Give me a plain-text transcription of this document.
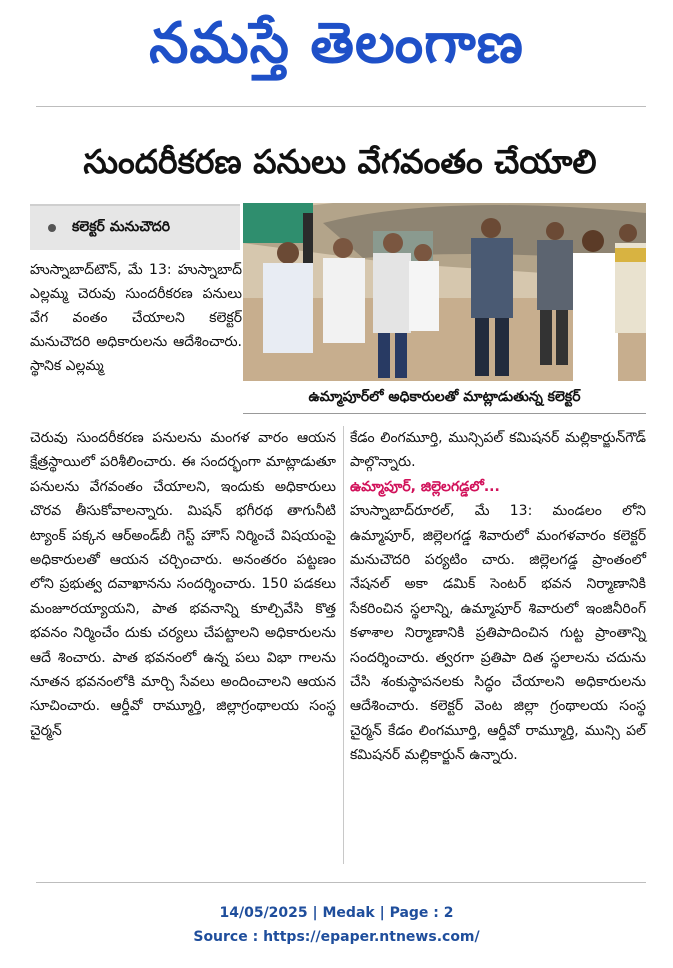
నమస్తే తెలంగాణ
సుందరీకరణ పనులు వేగవంతం చేయాలి
కలెక్టర్ మనుచౌదరి
ఉమ్మాపూర్‌లో అధికారులతో మాట్లాడుతున్న కలెక్టర్

హుస్నాబాద్‌టౌన్, మే 13: హుస్నాబాద్ ఎల్లమ్మ చెరువు సుందరీకరణ పనులు వేగ వంతం చేయాలని కలెక్టర్ మనుచౌదరి అధికారులను ఆదేశించారు. స్థానిక ఎల్లమ్మ

చెరువు సుందరీకరణ పనులను మంగళ వారం ఆయన క్షేత్రస్థాయిలో పరిశీలించారు. ఈ సందర్భంగా మాట్లాడుతూ పనులను వేగవంతం చేయాలని, ఇందుకు అధికారులు చొరవ తీసుకోవాలన్నారు. మిషన్ భగీరథ తాగునీటి ట్యాంక్ పక్కన ఆర్‌అండ్‌బీ గెస్ట్ హౌస్ నిర్మించే విషయంపై అధికారులతో ఆయన చర్చించారు. అనంతరం పట్టణం లోని ప్రభుత్వ దవాఖానను సందర్శించారు. 150 పడకలు మంజూరయ్యాయని, పాత భవనాన్ని కూల్చివేసి కొత్త భవనం నిర్మించేం దుకు చర్యలు చేపట్టాలని అధికారులను ఆదే శించారు. పాత భవనంలో ఉన్న పలు విభా గాలను నూతన భవనంలోకి మార్చి సేవలు అందించాలని ఆయన సూచించారు. ఆర్డీవో రామ్మూర్తి, జిల్లాగ్రంథాలయ సంస్థ చైర్మన్

కేడం లింగమూర్తి, మున్సిపల్ కమిషనర్ మల్లికార్జున్‌గౌడ్ పాల్గొన్నారు.

ఉమ్మాపూర్, జిల్లెలగడ్డలో...

హుస్నాబాద్‌రూరల్, మే 13: మండలం లోని ఉమ్మాపూర్, జిల్లెలగడ్డ శివారులో మంగళవారం కలెక్టర్ మనుచౌదరి పర్యటిం చారు. జిల్లెలగడ్డ ప్రాంతంలో నేషనల్ అకా డమిక్ సెంటర్ భవన నిర్మాణానికి సేకరించిన స్థలాన్ని, ఉమ్మాపూర్ శివారులో ఇంజినీరింగ్ కళాశాల నిర్మాణానికి ప్రతిపాదించిన గుట్ట ప్రాంతాన్ని సందర్శించారు. త్వరగా ప్రతిపా దిత స్థలాలను చదును చేసి శంకుస్థాపనలకు సిద్ధం చేయాలని అధికారులను ఆదేశించారు. కలెక్టర్ వెంట జిల్లా గ్రంథాలయ సంస్థ చైర్మన్ కేడం లింగమూర్తి, ఆర్డీవో రామ్మూర్తి, మున్సి పల్ కమిషనర్ మల్లికార్జున్ ఉన్నారు.

14/05/2025 | Medak | Page : 2
Source : https://epaper.ntnews.com/
